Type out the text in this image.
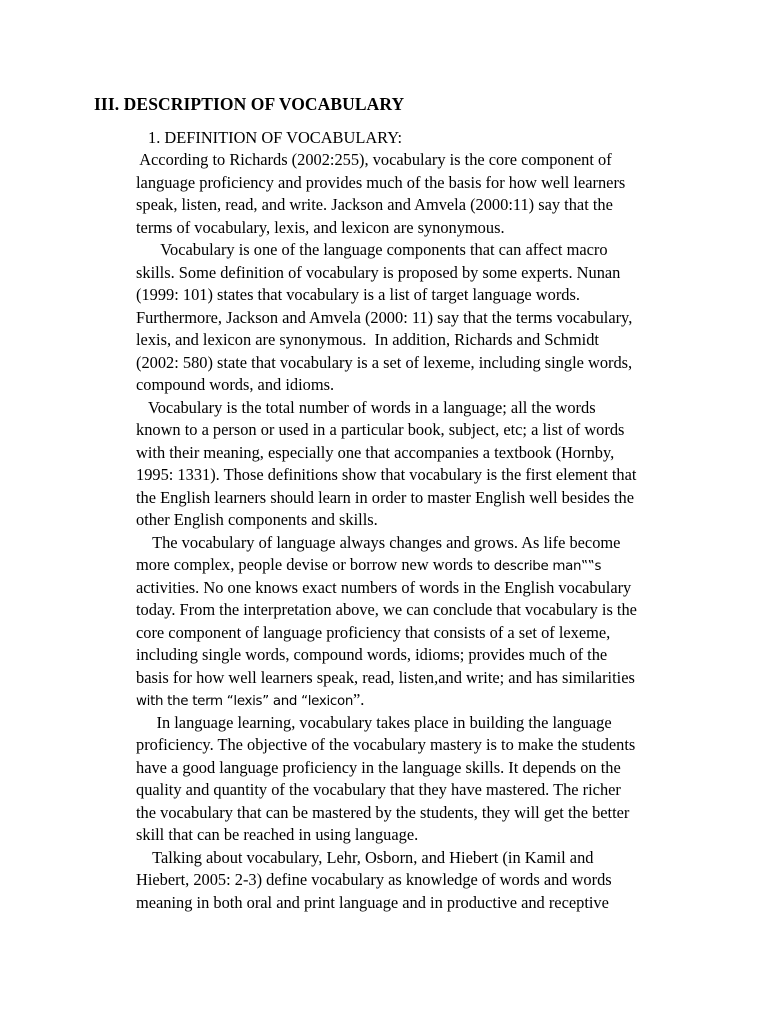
III. DESCRIPTION OF VOCABULARY
1. DEFINITION OF VOCABULARY:
According to Richards (2002:255), vocabulary is the core component of
language proficiency and provides much of the basis for how well learners
speak, listen, read, and write. Jackson and Amvela (2000:11) say that the
terms of vocabulary, lexis, and lexicon are synonymous.
Vocabulary is one of the language components that can affect macro
skills. Some definition of vocabulary is proposed by some experts. Nunan
(1999: 101) states that vocabulary is a list of target language words.
Furthermore, Jackson and Amvela (2000: 11) say that the terms vocabulary,
lexis, and lexicon are synonymous.  In addition, Richards and Schmidt
(2002: 580) state that vocabulary is a set of lexeme, including single words,
compound words, and idioms.
Vocabulary is the total number of words in a language; all the words
known to a person or used in a particular book, subject, etc; a list of words
with their meaning, especially one that accompanies a textbook (Hornby,
1995: 1331). Those definitions show that vocabulary is the first element that
the English learners should learn in order to master English well besides the
other English components and skills.
The vocabulary of language always changes and grows. As life become
more complex, people devise or borrow new words to describe man‟‟s
activities. No one knows exact numbers of words in the English vocabulary
today. From the interpretation above, we can conclude that vocabulary is the
core component of language proficiency that consists of a set of lexeme,
including single words, compound words, idioms; provides much of the
basis for how well learners speak, read, listen,and write; and has similarities
with the term “lexis” and “lexicon”.
In language learning, vocabulary takes place in building the language
proficiency. The objective of the vocabulary mastery is to make the students
have a good language proficiency in the language skills. It depends on the
quality and quantity of the vocabulary that they have mastered. The richer
the vocabulary that can be mastered by the students, they will get the better
skill that can be reached in using language.
Talking about vocabulary, Lehr, Osborn, and Hiebert (in Kamil and
Hiebert, 2005: 2-3) define vocabulary as knowledge of words and words
meaning in both oral and print language and in productive and receptive
